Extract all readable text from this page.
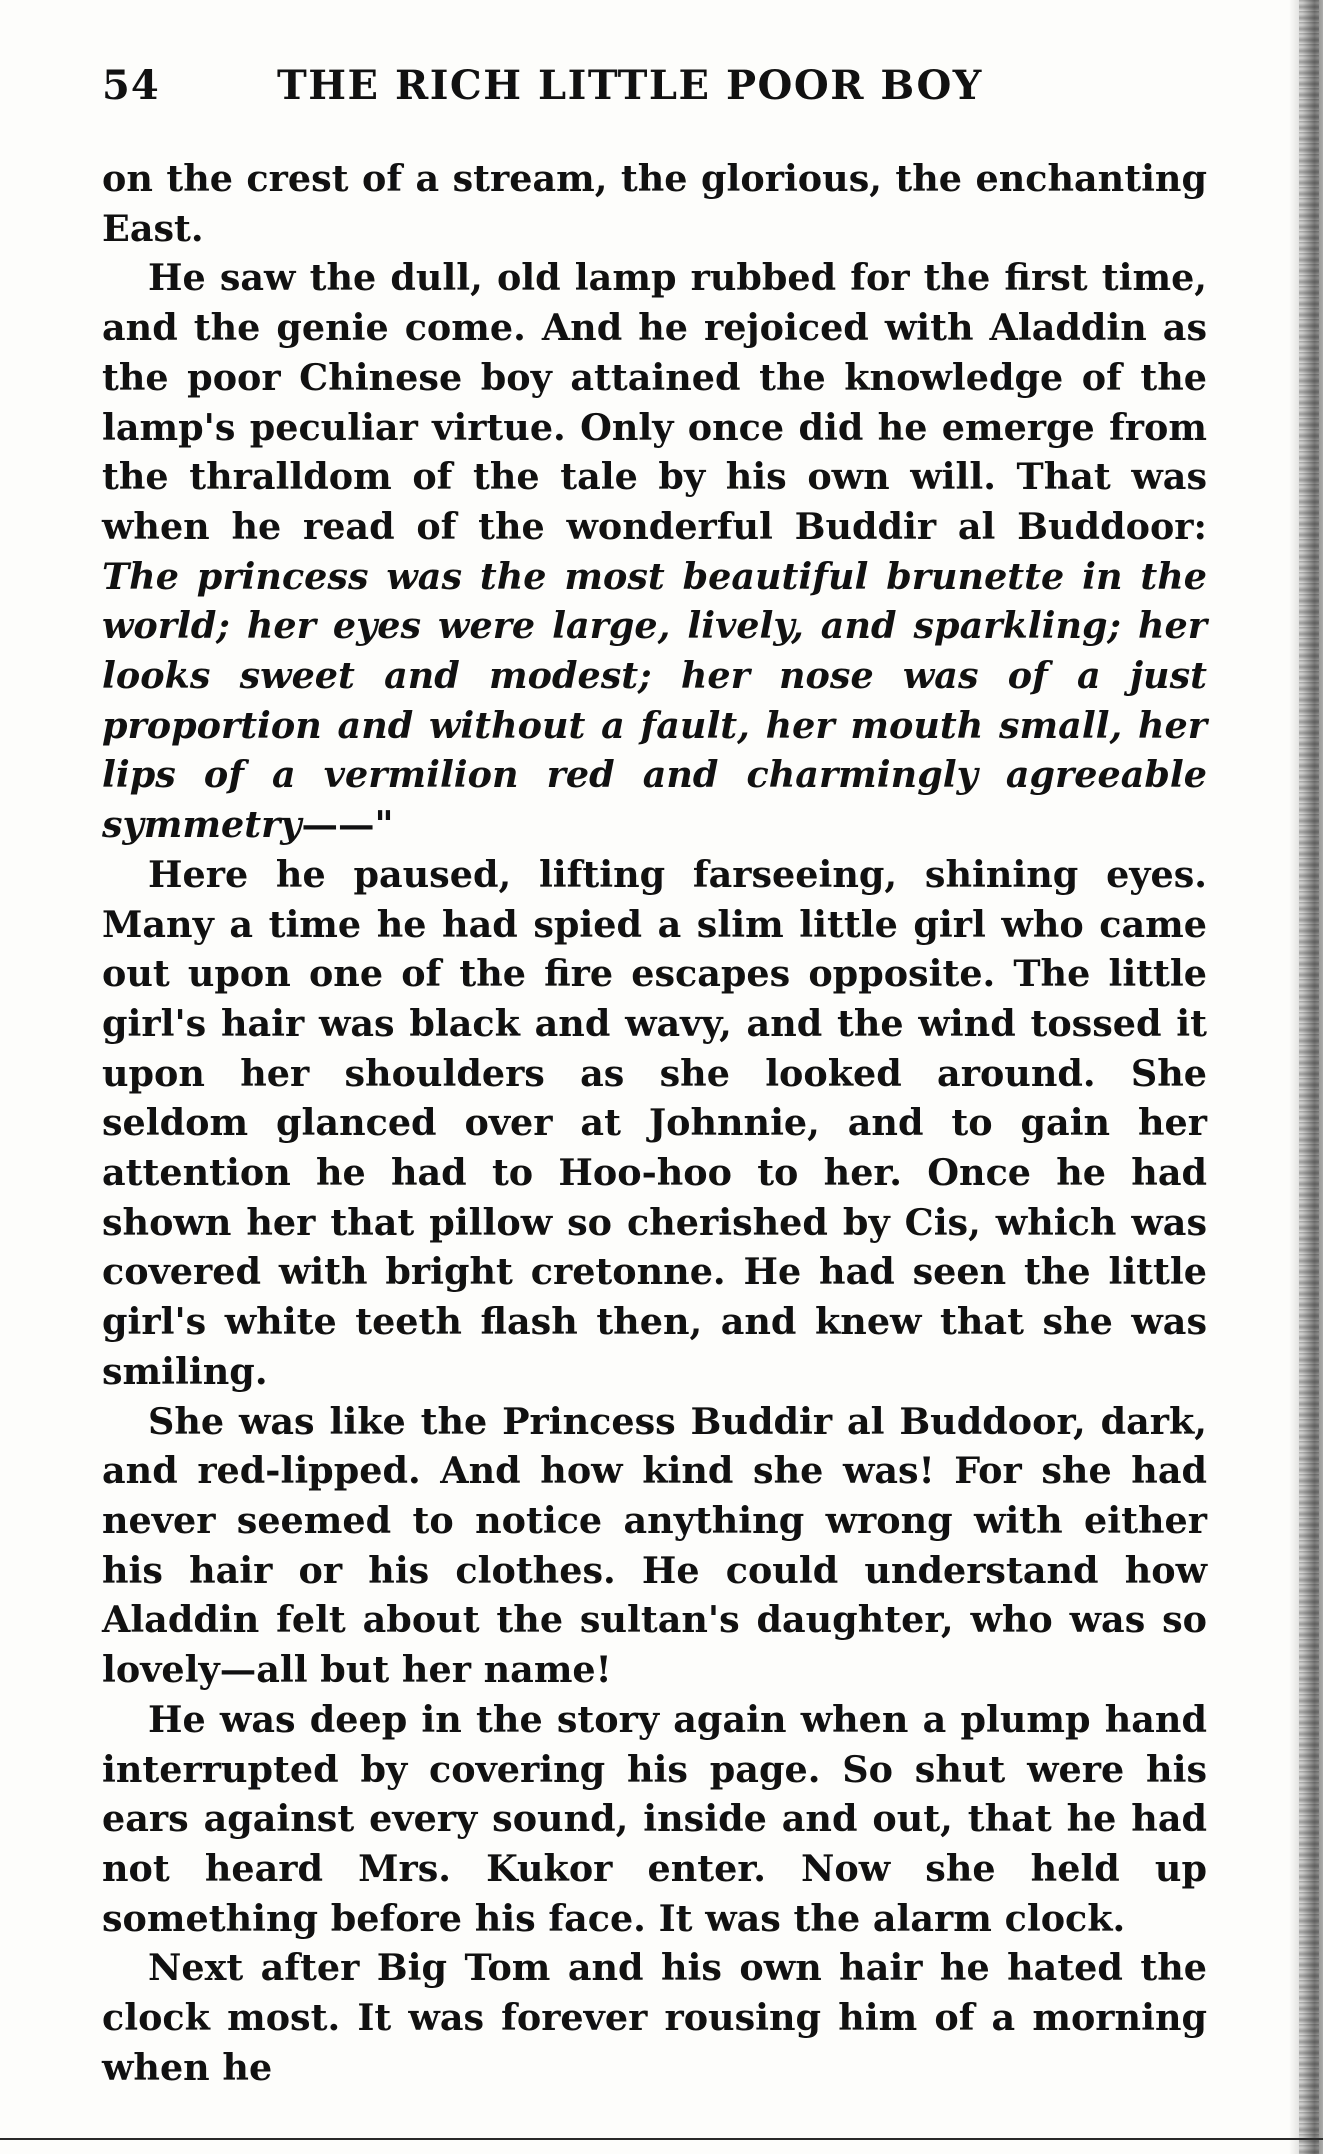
54	THE RICH LITTLE POOR BOY

on the crest of a stream, the glorious, the enchanting East.

He saw the dull, old lamp rubbed for the first time, and the genie come. And he rejoiced with Aladdin as the poor Chinese boy attained the knowledge of the lamp's peculiar virtue. Only once did he emerge from the thralldom of the tale by his own will. That was when he read of the wonderful Buddir al Buddoor: The princess was the most beautiful brunette in the world; her eyes were large, lively, and sparkling; her looks sweet and modest; her nose was of a just proportion and without a fault, her mouth small, her lips of a vermilion red and charmingly agreeable symmetry——"

Here he paused, lifting farseeing, shining eyes. Many a time he had spied a slim little girl who came out upon one of the fire escapes opposite. The little girl's hair was black and wavy, and the wind tossed it upon her shoulders as she looked around. She seldom glanced over at Johnnie, and to gain her attention he had to Hoo-hoo to her. Once he had shown her that pillow so cherished by Cis, which was covered with bright cretonne. He had seen the little girl's white teeth flash then, and knew that she was smiling.

She was like the Princess Buddir al Buddoor, dark, and red-lipped. And how kind she was! For she had never seemed to notice anything wrong with either his hair or his clothes. He could understand how Aladdin felt about the sultan's daughter, who was so lovely—all but her name!

He was deep in the story again when a plump hand interrupted by covering his page. So shut were his ears against every sound, inside and out, that he had not heard Mrs. Kukor enter. Now she held up something before his face. It was the alarm clock.

Next after Big Tom and his own hair he hated the clock most. It was forever rousing him of a morning when he
